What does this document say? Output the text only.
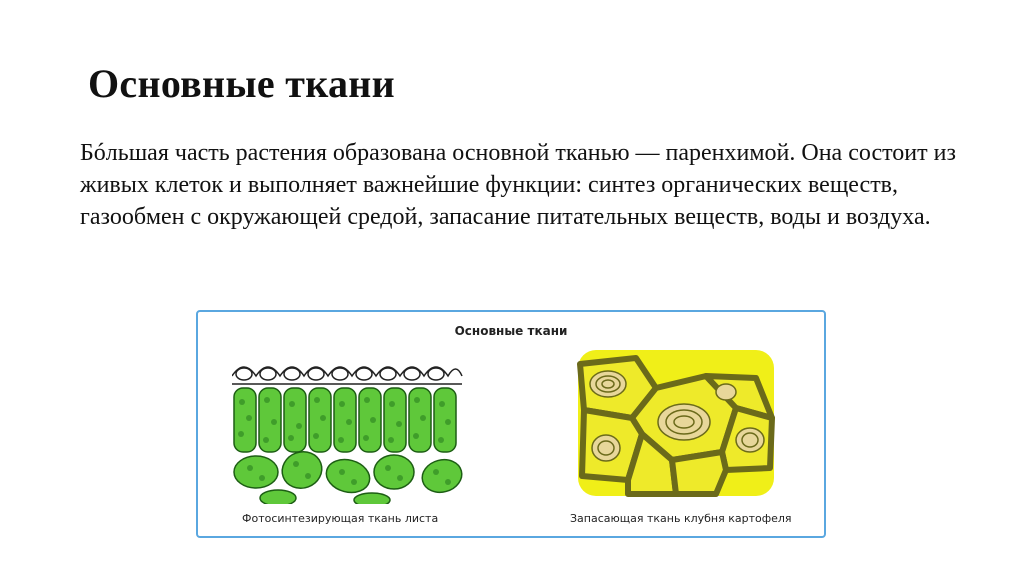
Основные ткани
Бóльшая часть растения образована основной тканью — паренхимой. Она состоит из живых клеток и выполняет важнейшие функции: синтез органических веществ, газообмен с окружающей средой, запасание питательных веществ, воды и воздуха.
Основные ткани
Фотосинтезирующая ткань листа	Запасающая ткань клубня картофеля
